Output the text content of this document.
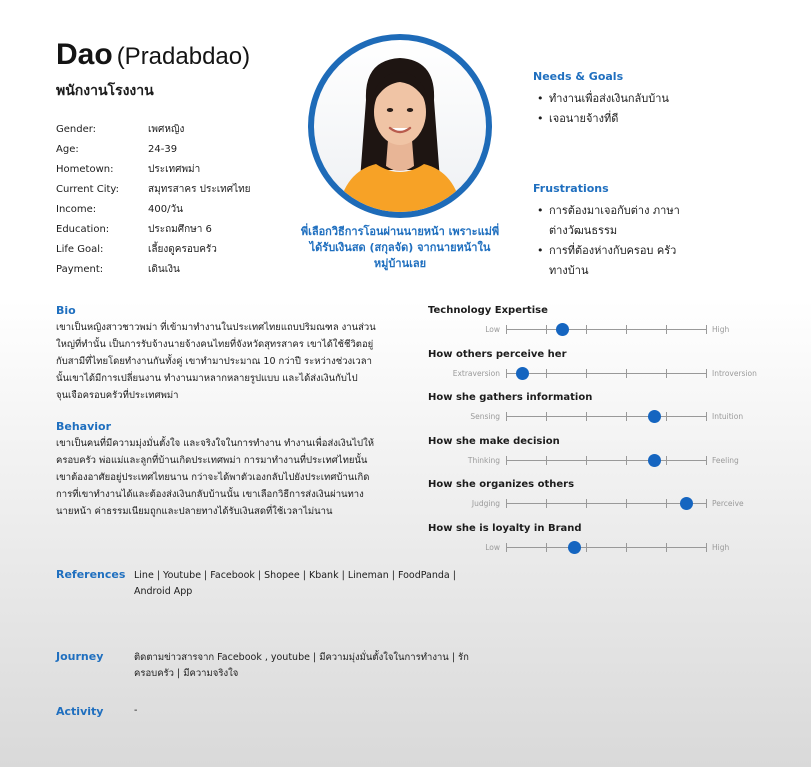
Dao (Pradabdao)
พนักงานโรงงาน
Gender:	เพศหญิง
Age:	24-39
Hometown:	ประเทศพม่า
Current City:	สมุทรสาคร ประเทศไทย
Income:	400/วัน
Education:	ประถมศึกษา 6
Life Goal:	เลี้ยงดูครอบครัว
Payment:	เดินเงิน
พี่เลือกวิธีการโอนผ่านนายหน้า เพราะแม่พี่ได้รับเงินสด (สกุลจัด) จากนายหน้าในหมู่บ้านเลย
Needs & Goals
• ทำงานเพื่อส่งเงินกลับบ้าน
• เจอนายจ้างที่ดี
Frustrations
• การต้องมาเจอกับต่าง ภาษา ต่างวัฒนธรรม
• การที่ต้องห่างกับครอบ ครัวทางบ้าน
Bio
เขาเป็นหญิงสาวชาวพม่า ที่เข้ามาทำงานในประเทศไทยแถบปริมณฑล งานส่วนใหญ่ที่ทำนั้น เป็นการรับจ้างนายจ้างคนไทยที่จังหวัดสุทรสาคร เขาได้ใช้ชีวิตอยู่กับสามีที่ไทยโดยทำงานกันทั้งคู่ เขาทำมาประมาณ 10 กว่าปี ระหว่างช่วงเวลานั้นเขาได้มีการเปลี่ยนงาน ทำงานมาหลากหลายรูปแบบ และได้ส่งเงินกับไปจุนเจือครอบครัวที่ประเทศพม่า
Behavior
เขาเป็นคนที่มีความมุ่งมั่นตั้งใจ และจริงใจในการทำงาน ทำงานเพื่อส่งเงินไปให้ครอบครัว พ่อแม่และลูกที่บ้านเกิดประเทศพม่า การมาทำงานที่ประเทศไทยนั้น เขาต้องอาศัยอยู่ประเทศไทยนาน กว่าจะได้พาตัวเองกลับไปยังประเทศบ้านเกิด การที่เขาทำงานได้และต้องส่งเงินกลับบ้านนั้น เขาเลือกวิธีการส่งเงินผ่านทางนายหน้า ค่าธรรมเนียมถูกและปลายทางได้รับเงินสดที่ใช้เวลาไม่นาน
Technology Expertise
Low	High
How others perceive her
Extraversion	Introversion
How she gathers information
Sensing	Intuition
How she make decision
Thinking	Feeling
How she organizes others
Judging	Perceive
How she is loyalty in Brand
Low	High
References Line | Youtube | Facebook | Shopee | Kbank | Lineman | FoodPanda | Android App
Journey	ติดตามข่าวสารจาก Facebook , youtube | มีความมุ่งมั่นตั้งใจในการทำงาน | รักครอบครัว | มีความจริงใจ
Activity	-
